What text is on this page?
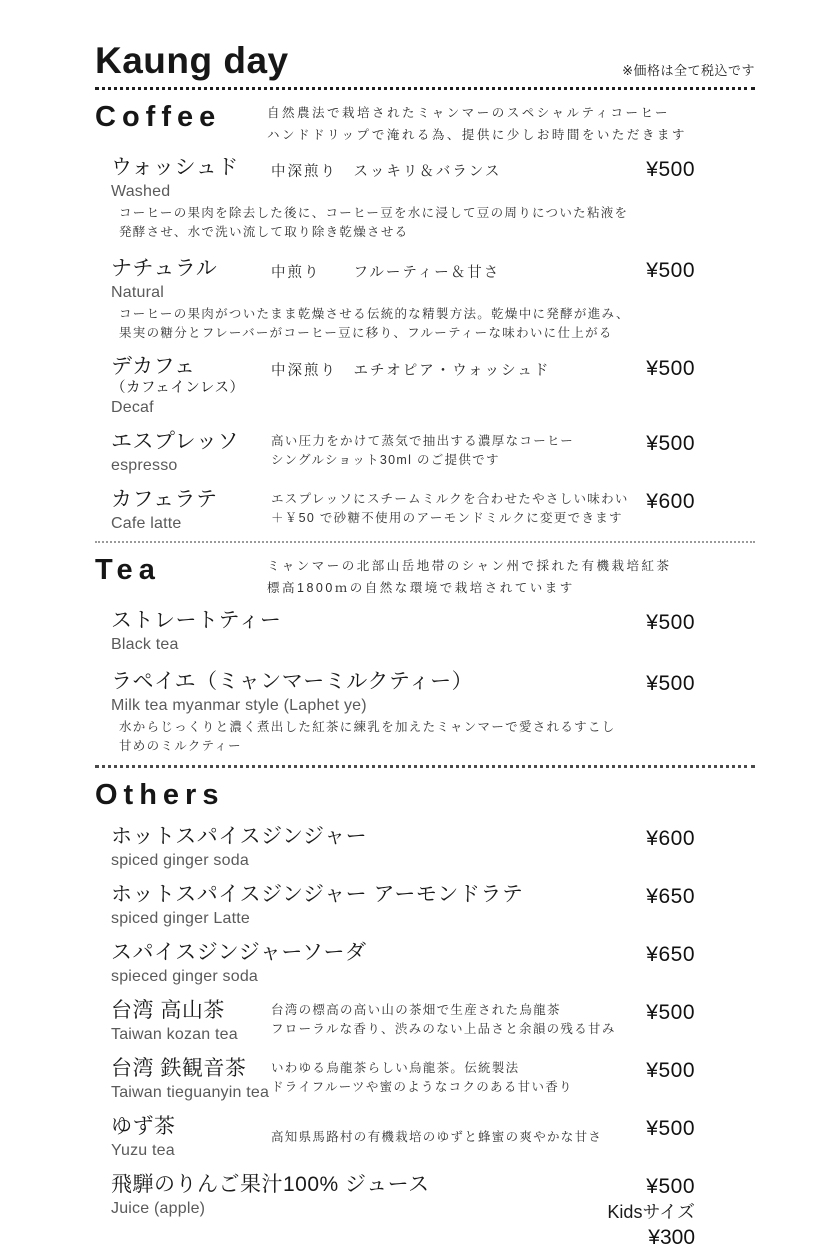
Kaung day	※価格は全て税込です
Coffee	自然農法で栽培されたミャンマーのスペシャルティコーヒー
ハンドドリップで淹れる為、提供に少しお時間をいただきます
ウォッシュド
Washed
中深煎り　スッキリ＆バランス	¥500
コーヒーの果肉を除去した後に、コーヒー豆を水に浸して豆の周りについた粘液を
発酵させ、水で洗い流して取り除き乾燥させる
ナチュラル
Natural
中煎り　　フルーティー＆甘さ	¥500
コーヒーの果肉がついたまま乾燥させる伝統的な精製方法。乾燥中に発酵が進み、
果実の糖分とフレーバーがコーヒー豆に移り、フルーティーな味わいに仕上がる
デカフェ
（カフェインレス）
Decaf
中深煎り　エチオピア・ウォッシュド	¥500
エスプレッソ
espresso
高い圧力をかけて蒸気で抽出する濃厚なコーヒー
シングルショット30ml のご提供です
¥500
カフェラテ
Cafe latte
エスプレッソにスチームミルクを合わせたやさしい味わい
＋￥50 で砂糖不使用のアーモンドミルクに変更できます
¥600
Tea	ミャンマーの北部山岳地帯のシャン州で採れた有機栽培紅茶
標高1800ｍの自然な環境で栽培されています
ストレートティー
Black tea
¥500
ラペイエ（ミャンマーミルクティー）
Milk tea myanmar style (Laphet ye)
¥500
水からじっくりと濃く煮出した紅茶に練乳を加えたミャンマーで愛されるすこし
甘めのミルクティー
Others
ホットスパイスジンジャー
spiced ginger soda
¥600
ホットスパイスジンジャー アーモンドラテ
spiced ginger Latte
¥650
スパイスジンジャーソーダ
spieced ginger soda
¥650
台湾 高山茶
Taiwan kozan tea
台湾の標高の高い山の茶畑で生産された烏龍茶
フローラルな香り、渋みのない上品さと余韻の残る甘み
¥500
台湾 鉄観音茶
Taiwan tieguanyin tea
いわゆる烏龍茶らしい烏龍茶。伝統製法
ドライフルーツや蜜のようなコクのある甘い香り
¥500
ゆず茶
Yuzu tea
高知県馬路村の有機栽培のゆずと蜂蜜の爽やかな甘さ	¥500
飛騨のりんご果汁100% ジュース
Juice (apple)
¥500
Kidsサイズ
¥300
